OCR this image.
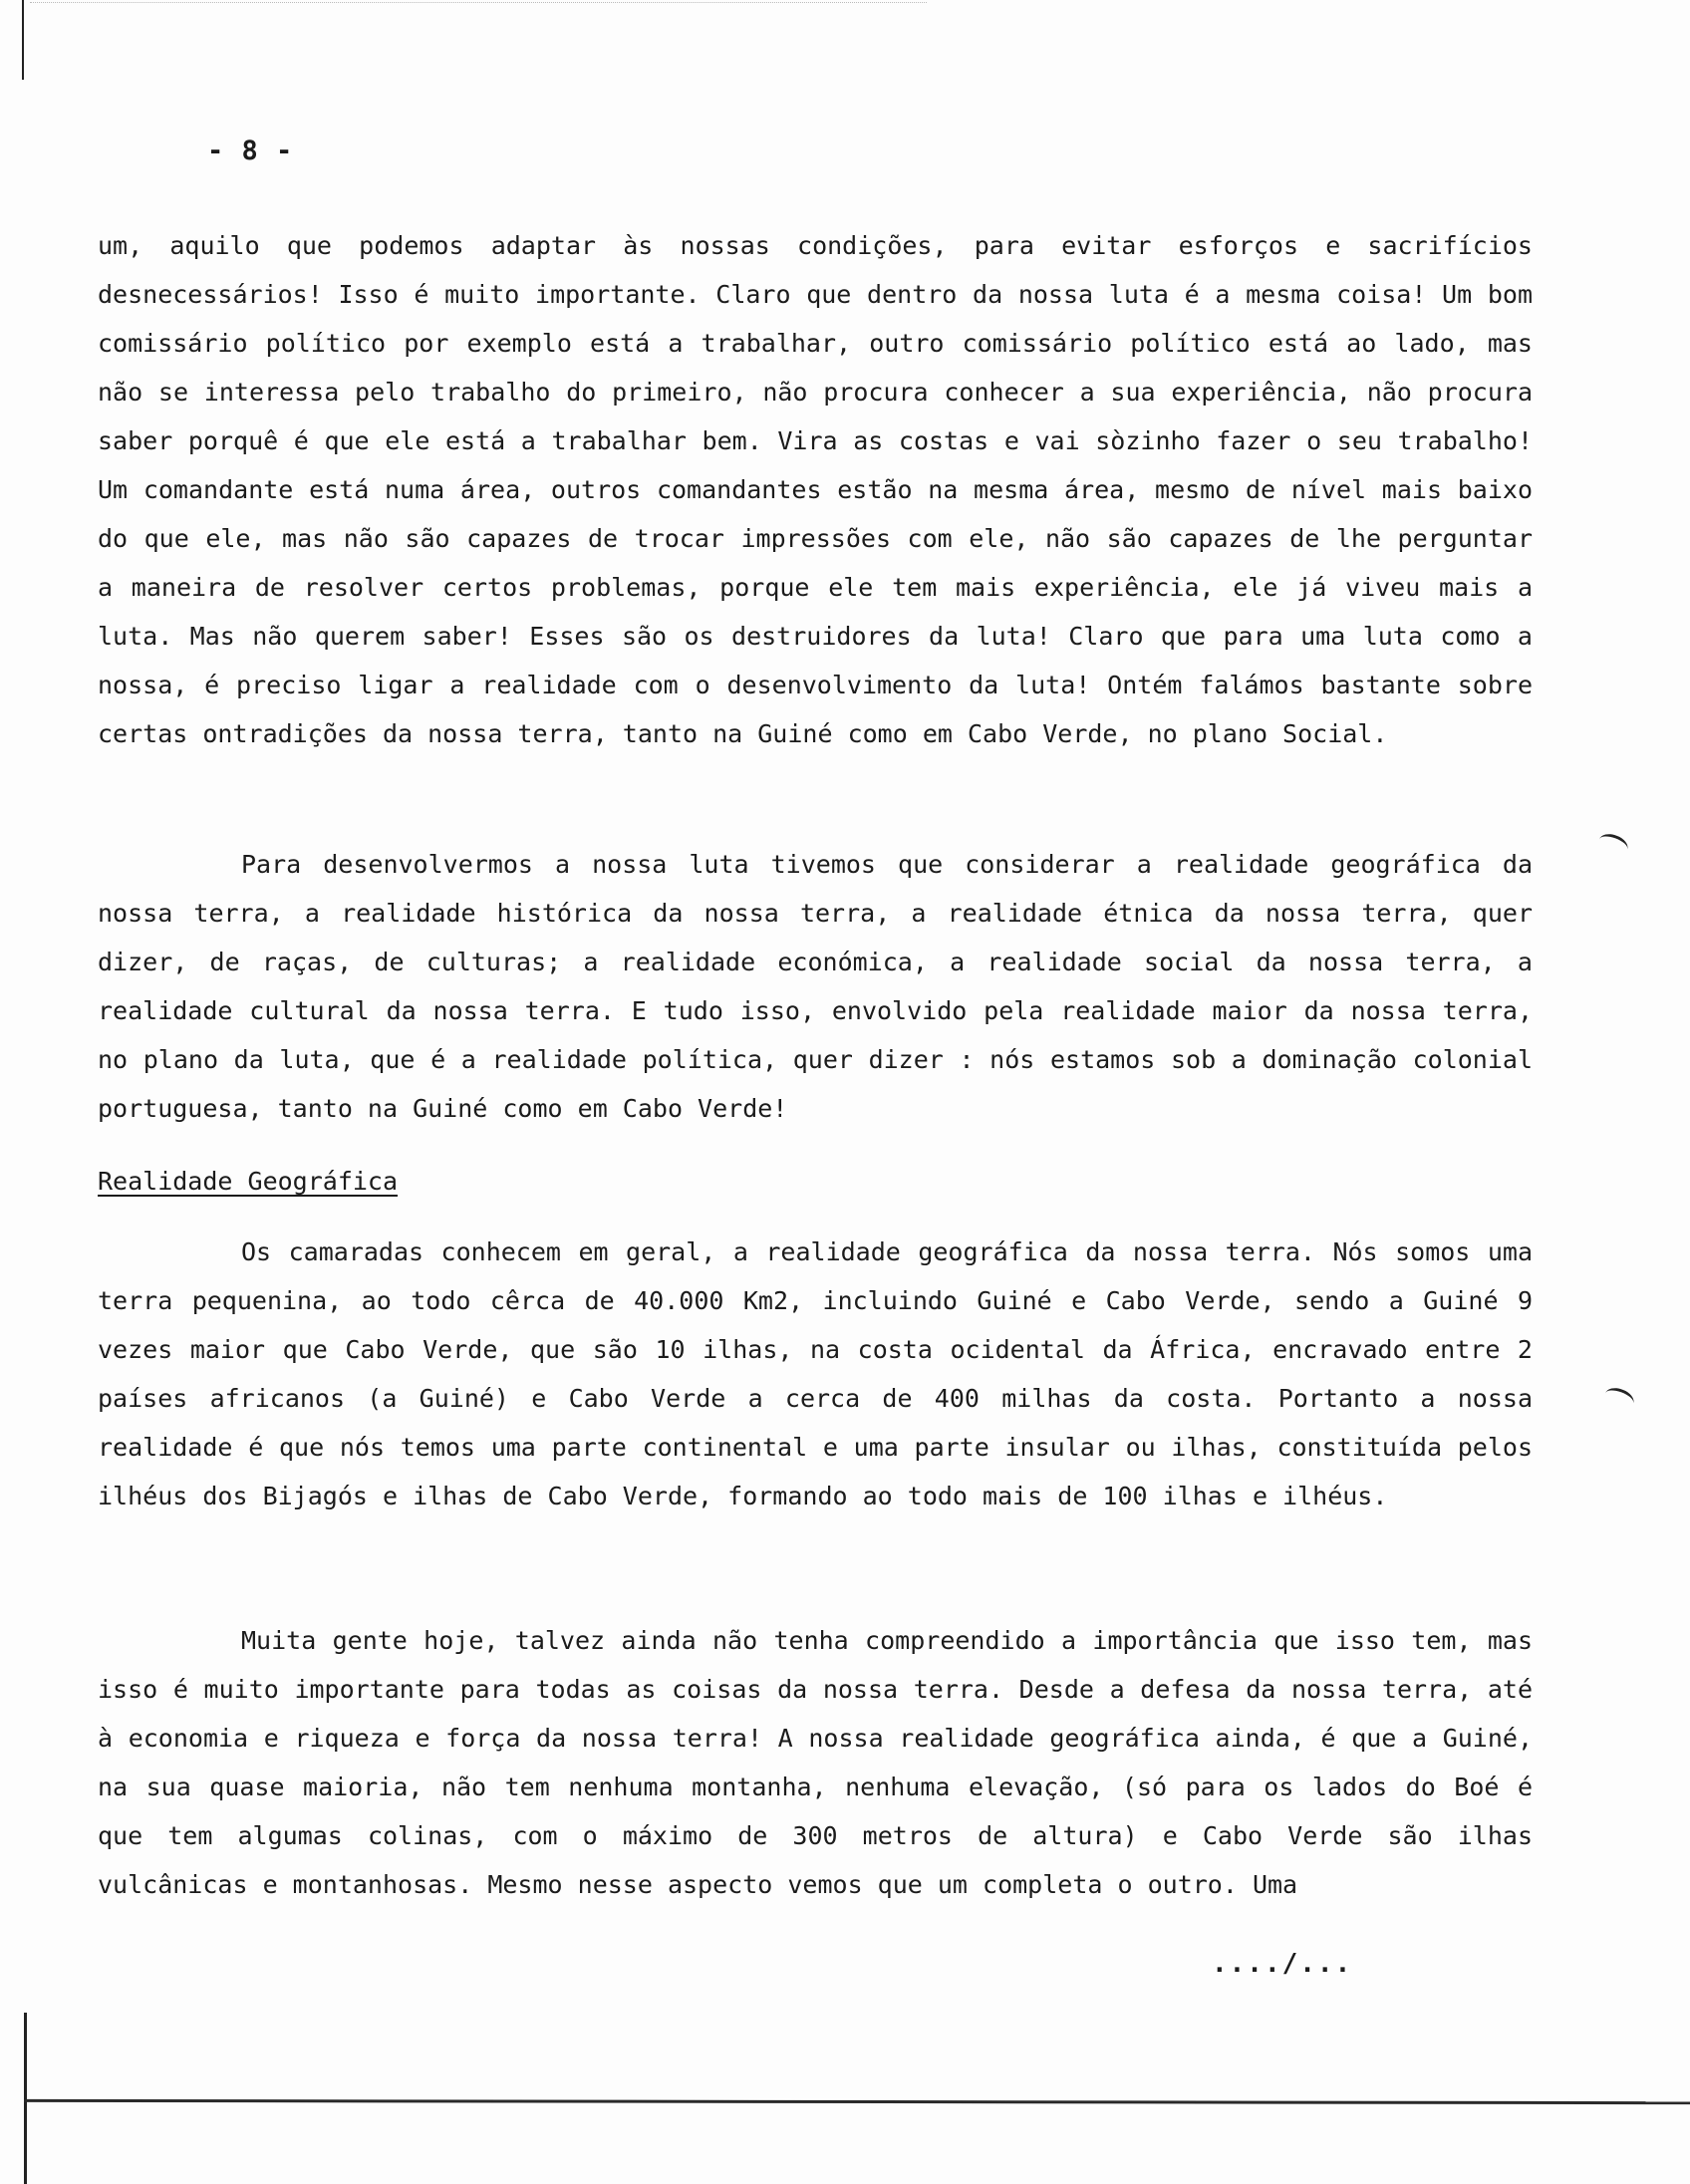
- 8 -

um, aquilo que podemos adaptar às nossas condições, para evitar esforços e sacrifícios desnecessários! Isso é muito importante. Claro que dentro da nossa luta é a mesma coisa! Um bom comissário político por exemplo está a trabalhar, outro comissário político está ao lado, mas não se interessa pelo trabalho do primeiro, não procura conhecer a sua experiência, não procura saber porquê é que ele está a trabalhar bem. Vira as costas e vai sòzinho fazer o seu trabalho! Um comandante está numa área, outros comandantes estão na mesma área, mesmo de nível mais baixo do que ele, mas não são capazes de trocar impressões com ele, não são capazes de lhe perguntar a maneira de resolver certos problemas, porque ele tem mais experiência, ele já viveu mais a luta. Mas não querem saber! Esses são os destruidores da luta! Claro que para uma luta como a nossa, é preciso ligar a realidade com o desenvolvimento da luta! Ontém falámos bastante sobre certas ontradições da nossa terra, tanto na Guiné como em Cabo Verde, no plano Social.

Para desenvolvermos a nossa luta tivemos que considerar a realidade geográfica da nossa terra, a realidade histórica da nossa terra, a realidade étnica da nossa terra, quer dizer, de raças, de culturas; a realidade económica, a realidade social da nossa terra, a realidade cultural da nossa terra. E tudo isso, envolvido pela realidade maior da nossa terra, no plano da luta, que é a realidade política, quer dizer : nós estamos sob a dominação colonial portuguesa, tanto na Guiné como em Cabo Verde!

Realidade Geográfica

Os camaradas conhecem em geral, a realidade geográfica da nossa terra. Nós somos uma terra pequenina, ao todo cêrca de 40.000 Km2, incluindo Guiné e Cabo Verde, sendo a Guiné 9 vezes maior que Cabo Verde, que são 10 ilhas, na costa ocidental da África, encravado entre 2 países africanos (a Guiné) e Cabo Verde a cerca de 400 milhas da costa. Portanto a nossa realidade é que nós temos uma parte continental e uma parte insular ou ilhas, constituída pelos ilhéus dos Bijagós e ilhas de Cabo Verde, formando ao todo mais de 100 ilhas e ilhéus.

Muita gente hoje, talvez ainda não tenha compreendido a importância que isso tem, mas isso é muito importante para todas as coisas da nossa terra. Desde a defesa da nossa terra, até à economia e riqueza e força da nossa terra! A nossa realidade geográfica ainda, é que a Guiné, na sua quase maioria, não tem nenhuma montanha, nenhuma elevação, (só para os lados do Boé é que tem algumas colinas, com o máximo de 300 metros de altura) e Cabo Verde são ilhas vulcânicas e montanhosas. Mesmo nesse aspecto vemos que um completa o outro. Uma

..../...
